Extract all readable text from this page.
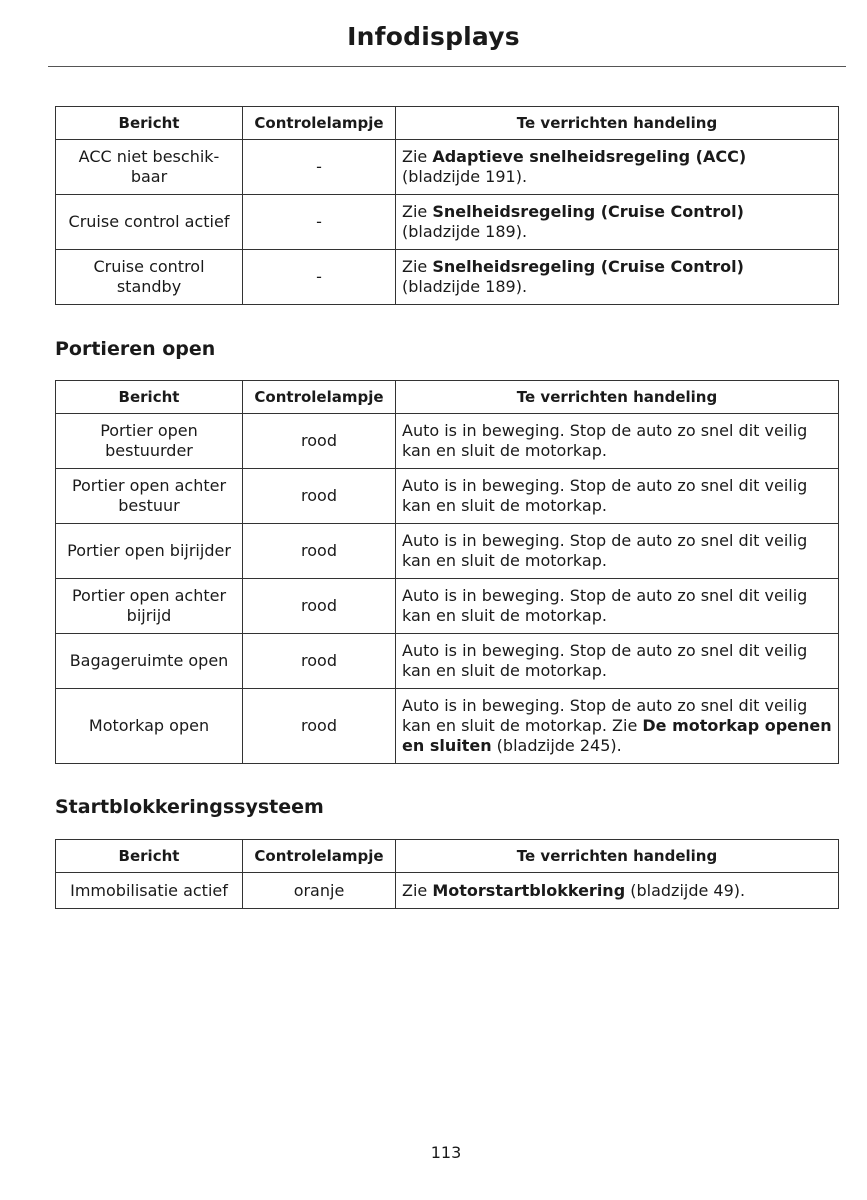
Infodisplays
Bericht	Controlelampje	Te verrichten handeling
ACC niet beschik-
baar	-	Zie Adaptieve snelheidsregeling (ACC)
(bladzijde 191).
Cruise control actief	-	Zie Snelheidsregeling (Cruise Control)
(bladzijde 189).
Cruise control
standby	-	Zie Snelheidsregeling (Cruise Control)
(bladzijde 189).
Portieren open
Bericht	Controlelampje	Te verrichten handeling
Portier open
bestuurder	rood	Auto is in beweging. Stop de auto zo snel dit veilig kan en sluit de motorkap.
Portier open achter
bestuur	rood	Auto is in beweging. Stop de auto zo snel dit veilig kan en sluit de motorkap.
Portier open bijrijder	rood	Auto is in beweging. Stop de auto zo snel dit veilig kan en sluit de motorkap.
Portier open achter
bijrijd	rood	Auto is in beweging. Stop de auto zo snel dit veilig kan en sluit de motorkap.
Bagageruimte open	rood	Auto is in beweging. Stop de auto zo snel dit veilig kan en sluit de motorkap.
Motorkap open	rood	Auto is in beweging. Stop de auto zo snel dit veilig kan en sluit de motorkap. Zie De motorkap openen en sluiten (bladzijde 245).
Startblokkeringssysteem
Bericht	Controlelampje	Te verrichten handeling
Immobilisatie actief	oranje	Zie Motorstartblokkering (bladzijde 49).
113
